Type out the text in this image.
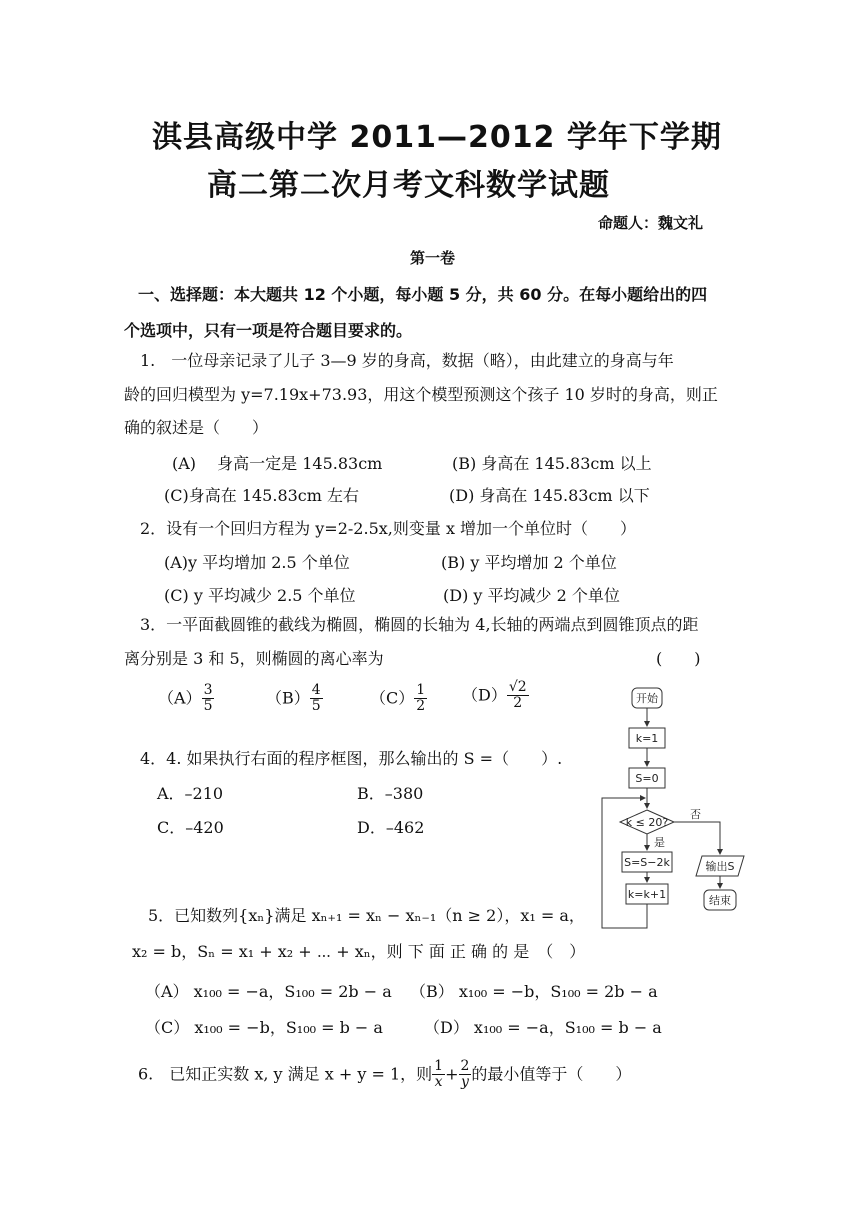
淇县高级中学 2011—2012 学年下学期
高二第二次月考文科数学试题
命题人：魏文礼
第一卷
一、选择题：本大题共 12 个小题，每小题 5 分，共 60 分。在每小题给出的四
个选项中，只有一项是符合题目要求的。
1.　一位母亲记录了儿子 3—9 岁的身高，数据（略），由此建立的身高与年
龄的回归模型为 y=7.19x+73.93，用这个模型预测这个孩子 10 岁时的身高，则正
确的叙述是（　　）
(A)　 身高一定是 145.83cm	(B) 身高在 145.83cm 以上
(C)身高在 145.83cm 左右	(D) 身高在 145.83cm 以下
2．设有一个回归方程为 y=2-2.5x,则变量 x 增加一个单位时（　　）
(A)y 平均增加 2.5 个单位	(B) y 平均增加 2 个单位
(C) y 平均减少 2.5 个单位	(D) y 平均减少 2 个单位
3．一平面截圆锥的截线为椭圆，椭圆的长轴为 4,长轴的两端点到圆锥顶点的距
离分别是 3 和 5，则椭圆的离心率为	(　　)
$(A) \frac{3}{5}$	$(B) \frac{4}{5}$	$(C) \frac{1}{2} (D) \frac{√2}{2}$
4．4. 如果执行右面的程序框图，那么输出的 S =（　　）.
A．–210	B．–380
C．–420	D．–462
开始
k=1
S=0
k ≤ 20?
否
是
S=S−2k
k=k+1
输出S
结束
5．已知数列{xₙ}满足 xₙ₊₁ = xₙ − xₙ₋₁（n ≥ 2），x₁ = a，
x₂ = b，Sₙ = x₁ + x₂ + ⋯ + xₙ，则 下 面 正 确 的 是　（　）
（A） x₁₀₀ = −a，S₁₀₀ = 2b − a （B） x₁₀₀ = −b，S₁₀₀ = 2b − a
（C） x₁₀₀ = −b，S₁₀₀ = b − a	（D） x₁₀₀ = −a，S₁₀₀ = b − a
6.　已知正实数 x, y 满足 x + y = 1，则 $\frac{1}{x} + \frac{2}{y}$ 的最小值等于（　　）
